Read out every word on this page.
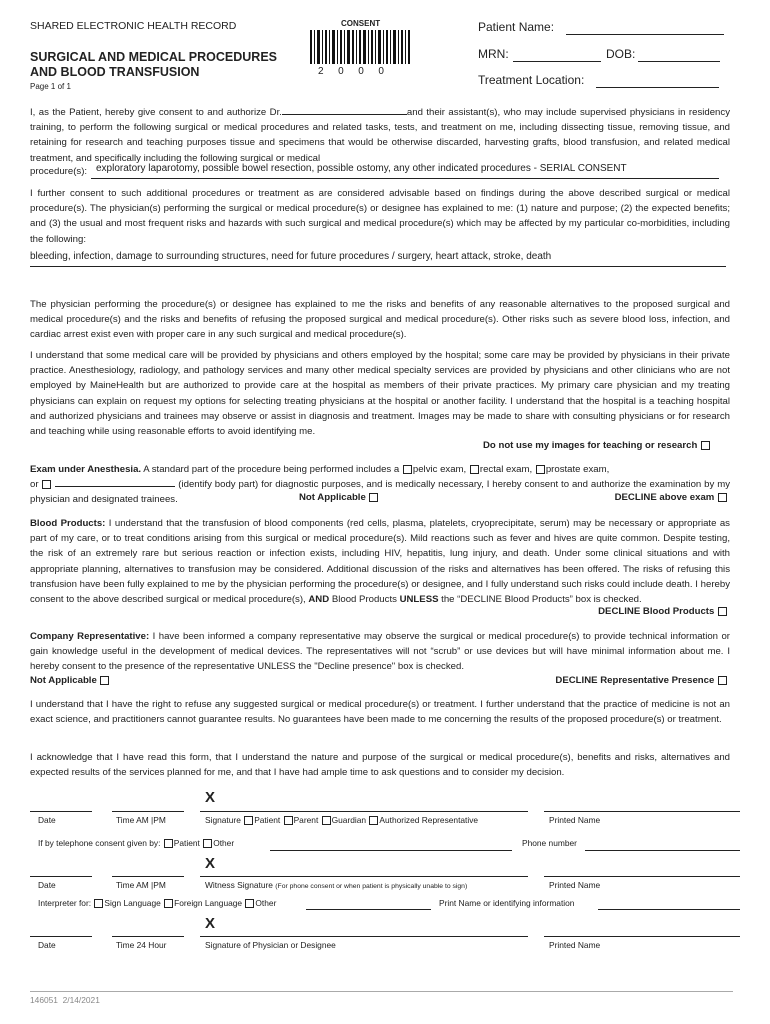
SHARED ELECTRONIC HEALTH RECORD
SURGICAL AND MEDICAL PROCEDURES
AND BLOOD TRANSFUSION
Page 1 of 1
CONSENT
2  0  0  0
Patient Name:
MRN:	DOB:
Treatment Location:
I, as the Patient, hereby give consent to and authorize Dr.	and their assistant(s), who may include supervised physicians in residency training, to perform the following surgical or medical procedures and related tasks, tests, and treatment on me, including dissecting tissue, removing tissue, and retaining for research and teaching purposes tissue and specimens that would be otherwise discarded, harvesting grafts, blood transfusion, and related medical treatment, and specifically including the following surgical or medical
procedure(s): exploratory laparotomy, possible bowel resection, possible ostomy, any other indicated procedures - SERIAL CONSENT
I further consent to such additional procedures or treatment as are considered advisable based on findings during the above described surgical or medical procedure(s). The physician(s) performing the surgical or medical procedure(s) or designee has explained to me: (1) nature and purpose; (2) the expected benefits; and (3) the usual and most frequent risks and hazards with such surgical and medical procedure(s) which may be affected by my particular co-morbidities, including the following:
bleeding, infection, damage to surrounding structures, need for future procedures / surgery, heart attack, stroke, death
The physician performing the procedure(s) or designee has explained to me the risks and benefits of any reasonable alternatives to the proposed surgical and medical procedure(s) and the risks and benefits of refusing the proposed surgical and medical procedure(s). Other risks such as severe blood loss, infection, and cardiac arrest exist even with proper care in any such surgical and medical procedure(s).
I understand that some medical care will be provided by physicians and others employed by the hospital; some care may be provided by physicians in their private practice. Anesthesiology, radiology, and pathology services and many other medical specialty services are provided by physicians and other clinicians who are not employed by MaineHealth but are authorized to provide care at the hospital as members of their private practices. My primary care physician and my treating physicians can explain on request my options for selecting treating physicians at the hospital or another facility. I understand that the hospital is a teaching hospital and authorized physicians and trainees may observe or assist in diagnosis and treatment. Images may be made to share with consulting physicians or for research and teaching while using reasonable efforts to avoid identifying me.
Do not use my images for teaching or research
Exam under Anesthesia. A standard part of the procedure being performed includes a pelvic exam, rectal exam, prostate exam,
or	(identify body part) for diagnostic purposes, and is medically necessary, I hereby consent to and authorize the examination by my physician and designated trainees.	Not Applicable
Blood Products: I understand that the transfusion of blood components (red cells, plasma, platelets, cryoprecipitate, serum) may be necessary or appropriate as part of my care, or to treat conditions arising from this surgical or medical procedure(s). Mild reactions such as fever and hives are quite common. Despite testing, the risk of an extremely rare but serious reaction or infection exists, including HIV, hepatitis, lung injury, and death. Under some clinical situations and with appropriate planning, alternatives to transfusion may be considered. Additional discussion of the risks and alternatives has been offered. The risks of refusing this transfusion have been fully explained to me by the physician performing the procedure(s) or designee, and I fully understand such risks could include death. I hereby consent to the above described surgical or medical procedure(s), AND Blood Products UNLESS the “DECLINE Blood Products” box is checked.
Company Representative: I have been informed a company representative may observe the surgical or medical procedure(s) to provide technical information or gain knowledge useful in the development of medical devices. The representatives will not “scrub” or use devices but will have minimal information about me. I hereby consent to the presence of the representative UNLESS the "Decline presence" box is checked.
Not Applicable
DECLINE above exam
DECLINE Blood Products
DECLINE Representative Presence
I understand that I have the right to refuse any suggested surgical or medical procedure(s) or treatment. I further understand that the practice of medicine is not an exact science, and practitioners cannot guarantee results. No guarantees have been made to me concerning the results of the proposed procedure(s) or treatment.
I acknowledge that I have read this form, that I understand the nature and purpose of the surgical or medical procedure(s), benefits and risks, alternatives and expected results of the services planned for me, and that I have had ample time to ask questions and to consider my decision.
X
Date	Time AM |PM	Signature Patient Parent Guardian Authorized Representative	Printed Name
If by telephone consent given by: Patient Other	Phone number
X
Date	Time AM |PM	Witness Signature (For phone consent or when patient is physically unable to sign)	Printed Name
Interpreter for: Sign Language Foreign Language Other	Print Name or identifying information
X
Date	Time 24 Hour	Signature of Physician or Designee	Printed Name
146051  2/14/2021
